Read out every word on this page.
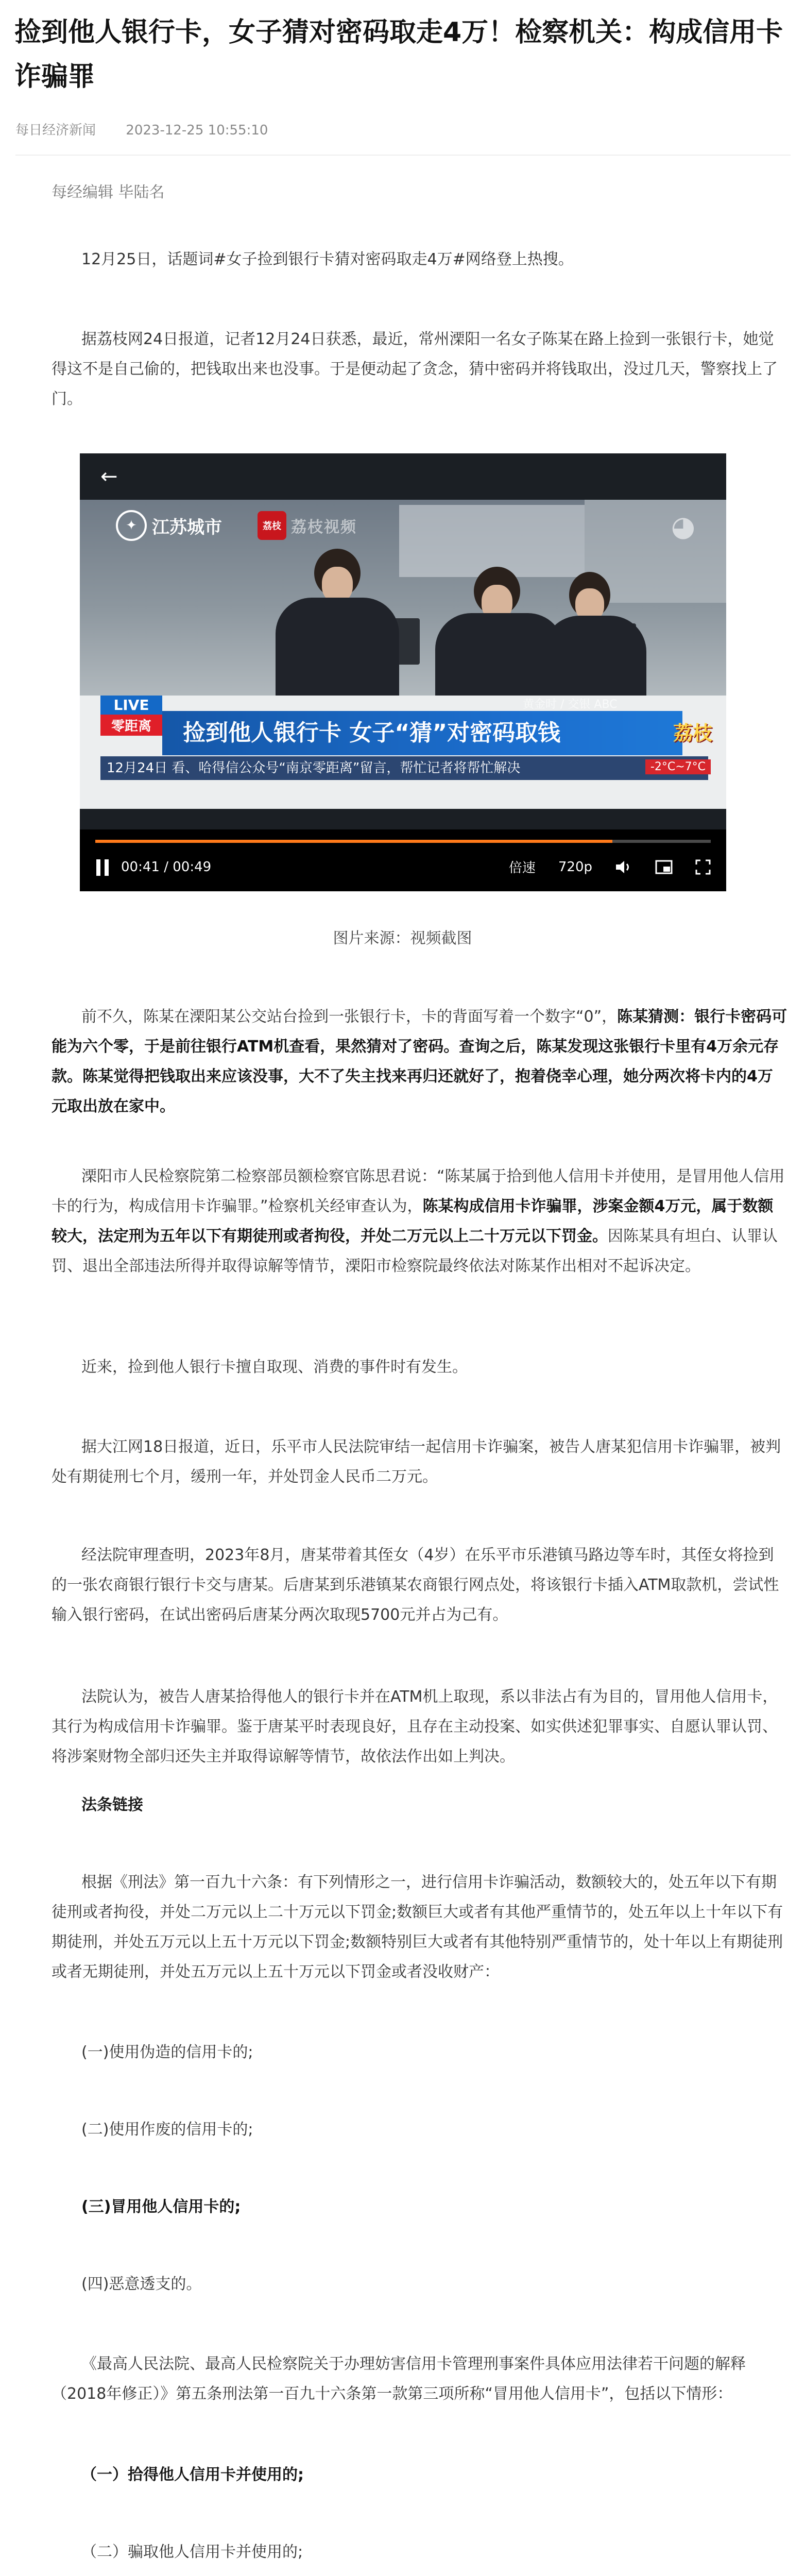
捡到他人银行卡，女子猜对密码取走4万！检察机关：构成信用卡诈骗罪
每日经济新闻 2023-12-25 10:55:10

每经编辑 毕陆名

12月25日，话题词#女子捡到银行卡猜对密码取走4万#网络登上热搜。

据荔枝网24日报道，记者12月24日获悉，最近，常州溧阳一名女子陈某在路上捡到一张银行卡，她觉得这不是自己偷的，把钱取出来也没事。于是便动起了贪念，猜中密码并将钱取出，没过几天，警察找上了门。

←
✦ 江苏城市	荔枝 荔枝视频	◕
黄金时 / 交银 ABC
LIVE
零距离	捡到他人银行卡 女子“猜”对密码取钱	荔枝
12月24日 看、哈得信公众号“南京零距离”留言，帮忙记者将帮忙解决	-2°C~7°C
00:41 / 00:49	倍速 720p
图片来源：视频截图

前不久，陈某在溧阳某公交站台捡到一张银行卡，卡的背面写着一个数字“0”，陈某猜测：银行卡密码可能为六个零，于是前往银行ATM机查看，果然猜对了密码。查询之后，陈某发现这张银行卡里有4万余元存款。陈某觉得把钱取出来应该没事，大不了失主找来再归还就好了，抱着侥幸心理，她分两次将卡内的4万元取出放在家中。

溧阳市人民检察院第二检察部员额检察官陈思君说：“陈某属于拾到他人信用卡并使用，是冒用他人信用卡的行为，构成信用卡诈骗罪。”检察机关经审查认为，陈某构成信用卡诈骗罪，涉案金额4万元，属于数额较大，法定刑为五年以下有期徒刑或者拘役，并处二万元以上二十万元以下罚金。因陈某具有坦白、认罪认罚、退出全部违法所得并取得谅解等情节，溧阳市检察院最终依法对陈某作出相对不起诉决定。

近来，捡到他人银行卡擅自取现、消费的事件时有发生。

据大江网18日报道，近日，乐平市人民法院审结一起信用卡诈骗案，被告人唐某犯信用卡诈骗罪，被判处有期徒刑七个月，缓刑一年，并处罚金人民币二万元。

经法院审理查明，2023年8月，唐某带着其侄女（4岁）在乐平市乐港镇马路边等车时，其侄女将捡到的一张农商银行银行卡交与唐某。后唐某到乐港镇某农商银行网点处，将该银行卡插入ATM取款机，尝试性输入银行密码，在试出密码后唐某分两次取现5700元并占为己有。

法院认为，被告人唐某拾得他人的银行卡并在ATM机上取现，系以非法占有为目的，冒用他人信用卡，其行为构成信用卡诈骗罪。鉴于唐某平时表现良好，且存在主动投案、如实供述犯罪事实、自愿认罪认罚、将涉案财物全部归还失主并取得谅解等情节，故依法作出如上判决。

法条链接

根据《刑法》第一百九十六条：有下列情形之一，进行信用卡诈骗活动，数额较大的，处五年以下有期徒刑或者拘役，并处二万元以上二十万元以下罚金;数额巨大或者有其他严重情节的，处五年以上十年以下有期徒刑，并处五万元以上五十万元以下罚金;数额特别巨大或者有其他特别严重情节的，处十年以上有期徒刑或者无期徒刑，并处五万元以上五十万元以下罚金或者没收财产：

(一)使用伪造的信用卡的;

(二)使用作废的信用卡的;

(三)冒用他人信用卡的;

(四)恶意透支的。

《最高人民法院、最高人民检察院关于办理妨害信用卡管理刑事案件具体应用法律若干问题的解释（2018年修正）》第五条刑法第一百九十六条第一款第三项所称“冒用他人信用卡”，包括以下情形：

（一）拾得他人信用卡并使用的;

（二）骗取他人信用卡并使用的;
